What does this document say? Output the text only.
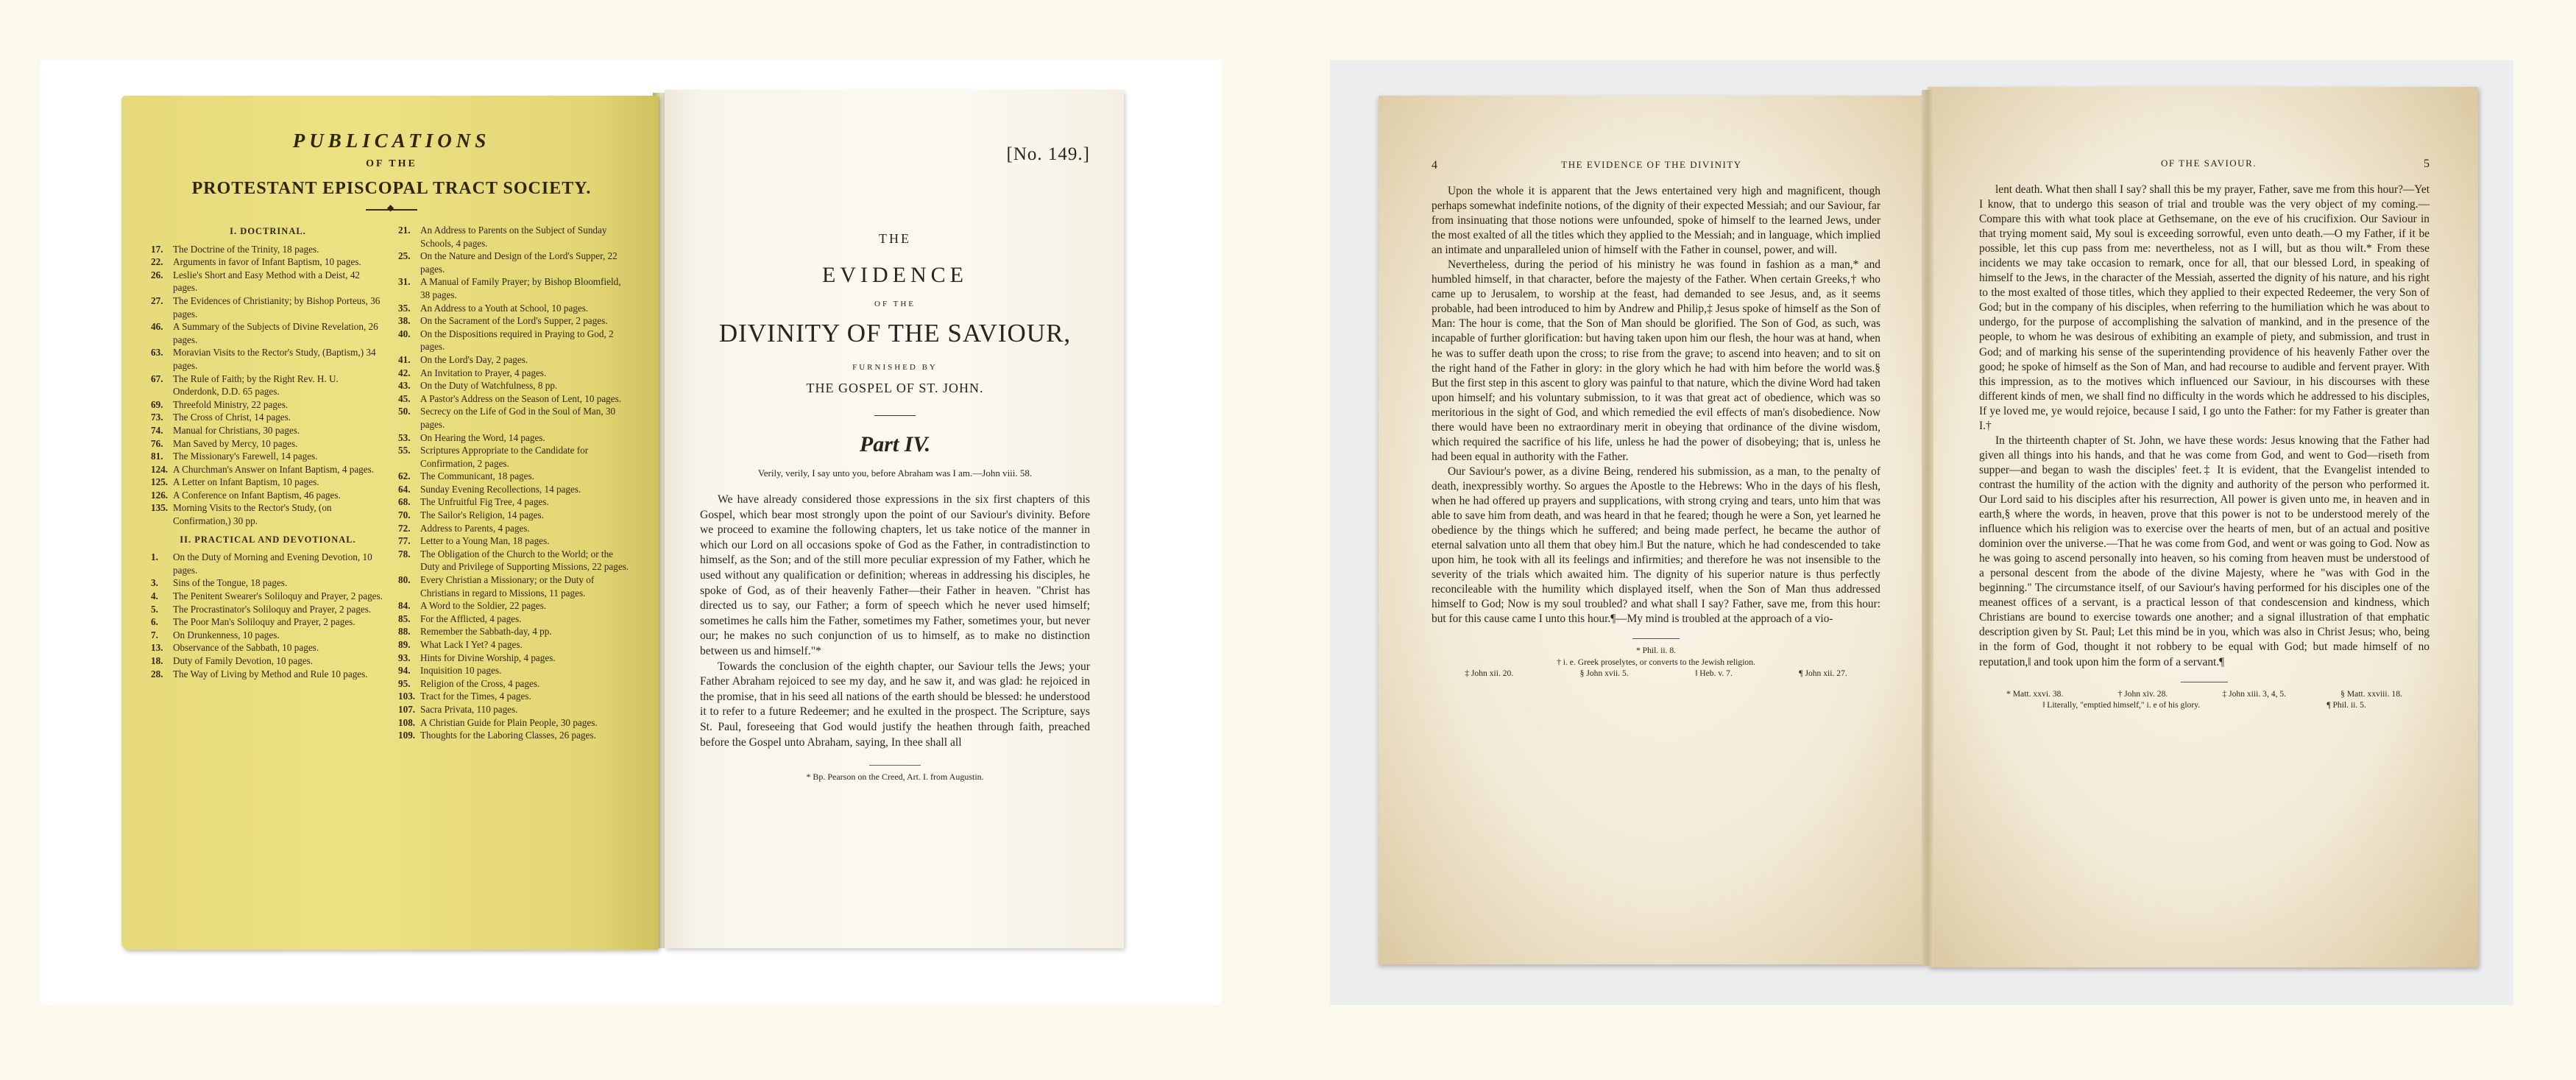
PUBLICATIONS
OF THE
PROTESTANT EPISCOPAL TRACT SOCIETY.
◆
I. DOCTRINAL.

17. The Doctrine of the Trinity, 18 pages.

22. Arguments in favor of Infant Baptism, 10 pages.

26. Leslie's Short and Easy Method with a Deist, 42 pages.

27. The Evidences of Christianity; by Bishop Porteus, 36 pages.

46. A Summary of the Subjects of Divine Revelation, 26 pages.

63. Moravian Visits to the Rector's Study, (Baptism,) 34 pages.

67. The Rule of Faith; by the Right Rev. H. U. Onderdonk, D.D. 65 pages.

69. Threefold Ministry, 22 pages.

73. The Cross of Christ, 14 pages.

74. Manual for Christians, 30 pages.

76. Man Saved by Mercy, 10 pages.

81. The Missionary's Farewell, 14 pages.

124. A Churchman's Answer on Infant Baptism, 4 pages.

125. A Letter on Infant Baptism, 10 pages.

126. A Conference on Infant Baptism, 46 pages.

135. Morning Visits to the Rector's Study, (on Confirmation,) 30 pp.

II. PRACTICAL AND DEVOTIONAL.

1. On the Duty of Morning and Evening Devotion, 10 pages.

3. Sins of the Tongue, 18 pages.

4. The Penitent Swearer's Soliloquy and Prayer, 2 pages.

5. The Procrastinator's Soliloquy and Prayer, 2 pages.

6. The Poor Man's Soliloquy and Prayer, 2 pages.

7. On Drunkenness, 10 pages.

13. Observance of the Sabbath, 10 pages.

18. Duty of Family Devotion, 10 pages.

28. The Way of Living by Method and Rule 10 pages.

21. An Address to Parents on the Subject of Sunday Schools, 4 pages.

25. On the Nature and Design of the Lord's Supper, 22 pages.

31. A Manual of Family Prayer; by Bishop Bloomfield, 38 pages.

35. An Address to a Youth at School, 10 pages.

38. On the Sacrament of the Lord's Supper, 2 pages.

40. On the Dispositions required in Praying to God, 2 pages.

41. On the Lord's Day, 2 pages.

42. An Invitation to Prayer, 4 pages.

43. On the Duty of Watchfulness, 8 pp.

45. A Pastor's Address on the Season of Lent, 10 pages.

50. Secrecy on the Life of God in the Soul of Man, 30 pages.

53. On Hearing the Word, 14 pages.

55. Scriptures Appropriate to the Candidate for Confirmation, 2 pages.

62. The Communicant, 18 pages.

64. Sunday Evening Recollections, 14 pages.

68. The Unfruitful Fig Tree, 4 pages.

70. The Sailor's Religion, 14 pages.

72. Address to Parents, 4 pages.

77. Letter to a Young Man, 18 pages.

78. The Obligation of the Church to the World; or the Duty and Privilege of Supporting Missions, 22 pages.

80. Every Christian a Missionary; or the Duty of Christians in regard to Missions, 11 pages.

84. A Word to the Soldier, 22 pages.

85. For the Afflicted, 4 pages.

88. Remember the Sabbath-day, 4 pp.

89. What Lack I Yet? 4 pages.

93. Hints for Divine Worship, 4 pages.

94. Inquisition 10 pages.

95. Religion of the Cross, 4 pages.

103. Tract for the Times, 4 pages.

107. Sacra Privata, 110 pages.

108. A Christian Guide for Plain People, 30 pages.

109. Thoughts for the Laboring Classes, 26 pages.

[No. 149.]
THE
EVIDENCE
OF THE
DIVINITY OF THE SAVIOUR,
FURNISHED BY
THE GOSPEL OF ST. JOHN.
Part IV.
Verily, verily, I say unto you, before Abraham was I am.—John viii. 58.

We have already considered those expressions in the six first chapters of this Gospel, which bear most strongly upon the point of our Saviour's divinity. Before we proceed to examine the following chapters, let us take notice of the manner in which our Lord on all occasions spoke of God as the Father, in contradistinction to himself, as the Son; and of the still more peculiar expression of my Father, which he used without any qualification or definition; whereas in addressing his disciples, he spoke of God, as of their heavenly Father—their Father in heaven. "Christ has directed us to say, our Father; a form of speech which he never used himself; sometimes he calls him the Father, sometimes my Father, sometimes your, but never our; he makes no such conjunction of us to himself, as to make no distinction between us and himself."*

Towards the conclusion of the eighth chapter, our Saviour tells the Jews; your Father Abraham rejoiced to see my day, and he saw it, and was glad: he rejoiced in the promise, that in his seed all nations of the earth should be blessed: he understood it to refer to a future Redeemer; and he exulted in the prospect. The Scripture, says St. Paul, foreseeing that God would justify the heathen through faith, preached before the Gospel unto Abraham, saying, In thee shall all

* Bp. Pearson on the Creed, Art. I. from Augustin.
4	THE EVIDENCE OF THE DIVINITY

Upon the whole it is apparent that the Jews entertained very high and magnificent, though perhaps somewhat indefinite notions, of the dignity of their expected Messiah; and our Saviour, far from insinuating that those notions were unfounded, spoke of himself to the learned Jews, under the most exalted of all the titles which they applied to the Messiah; and in language, which implied an intimate and unparalleled union of himself with the Father in counsel, power, and will.

Nevertheless, during the period of his ministry he was found in fashion as a man,* and humbled himself, in that character, before the majesty of the Father. When certain Greeks,† who came up to Jerusalem, to worship at the feast, had demanded to see Jesus, and, as it seems probable, had been introduced to him by Andrew and Philip,‡ Jesus spoke of himself as the Son of Man: The hour is come, that the Son of Man should be glorified. The Son of God, as such, was incapable of further glorification: but having taken upon him our flesh, the hour was at hand, when he was to suffer death upon the cross; to rise from the grave; to ascend into heaven; and to sit on the right hand of the Father in glory: in the glory which he had with him before the world was.§ But the first step in this ascent to glory was painful to that nature, which the divine Word had taken upon himself; and his voluntary submission, to it was that great act of obedience, which was so meritorious in the sight of God, and which remedied the evil effects of man's disobedience. Now there would have been no extraordinary merit in obeying that ordinance of the divine wisdom, which required the sacrifice of his life, unless he had the power of disobeying; that is, unless he had been equal in authority with the Father.

Our Saviour's power, as a divine Being, rendered his submission, as a man, to the penalty of death, inexpressibly worthy. So argues the Apostle to the Hebrews: Who in the days of his flesh, when he had offered up prayers and supplications, with strong crying and tears, unto him that was able to save him from death, and was heard in that he feared; though he were a Son, yet learned he obedience by the things which he suffered; and being made perfect, he became the author of eternal salvation unto all them that obey him.‖ But the nature, which he had condescended to take upon him, he took with all its feelings and infirmities; and therefore he was not insensible to the severity of the trials which awaited him. The dignity of his superior nature is thus perfectly reconcileable with the humility which displayed itself, when the Son of Man thus addressed himself to God; Now is my soul troubled? and what shall I say? Father, save me, from this hour: but for this cause came I unto this hour.¶—My mind is troubled at the approach of a vio-

* Phil. ii. 8.
† i. e. Greek proselytes, or converts to the Jewish religion.
‡ John xii. 20.	§ John xvii. 5.	‖ Heb. v. 7.	¶ John xii. 27.
OF THE SAVIOUR.	5

lent death. What then shall I say? shall this be my prayer, Father, save me from this hour?—Yet I know, that to undergo this season of trial and trouble was the very object of my coming.—Compare this with what took place at Gethsemane, on the eve of his crucifixion. Our Saviour in that trying moment said, My soul is exceeding sorrowful, even unto death.—O my Father, if it be possible, let this cup pass from me: nevertheless, not as I will, but as thou wilt.* From these incidents we may take occasion to remark, once for all, that our blessed Lord, in speaking of himself to the Jews, in the character of the Messiah, asserted the dignity of his nature, and his right to the most exalted of those titles, which they applied to their expected Redeemer, the very Son of God; but in the company of his disciples, when referring to the humiliation which he was about to undergo, for the purpose of accomplishing the salvation of mankind, and in the presence of the people, to whom he was desirous of exhibiting an example of piety, and submission, and trust in God; and of marking his sense of the superintending providence of his heavenly Father over the good; he spoke of himself as the Son of Man, and had recourse to audible and fervent prayer. With this impression, as to the motives which influenced our Saviour, in his discourses with these different kinds of men, we shall find no difficulty in the words which he addressed to his disciples, If ye loved me, ye would rejoice, because I said, I go unto the Father: for my Father is greater than I.†

In the thirteenth chapter of St. John, we have these words: Jesus knowing that the Father had given all things into his hands, and that he was come from God, and went to God—riseth from supper—and began to wash the disciples' feet.‡ It is evident, that the Evangelist intended to contrast the humility of the action with the dignity and authority of the person who performed it. Our Lord said to his disciples after his resurrection, All power is given unto me, in heaven and in earth,§ where the words, in heaven, prove that this power is not to be understood merely of the influence which his religion was to exercise over the hearts of men, but of an actual and positive dominion over the universe.—That he was come from God, and went or was going to God. Now as he was going to ascend personally into heaven, so his coming from heaven must be understood of a personal descent from the abode of the divine Majesty, where he "was with God in the beginning." The circumstance itself, of our Saviour's having performed for his disciples one of the meanest offices of a servant, is a practical lesson of that condescension and kindness, which Christians are bound to exercise towards one another; and a signal illustration of that emphatic description given by St. Paul; Let this mind be in you, which was also in Christ Jesus; who, being in the form of God, thought it not robbery to be equal with God; but made himself of no reputation,‖ and took upon him the form of a servant.¶

* Matt. xxvi. 38.	† John xiv. 28.	‡ John xiii. 3, 4, 5.	§ Matt. xxviii. 18.
‖ Literally, "emptied himself," i. e of his glory.	¶ Phil. ii. 5.
